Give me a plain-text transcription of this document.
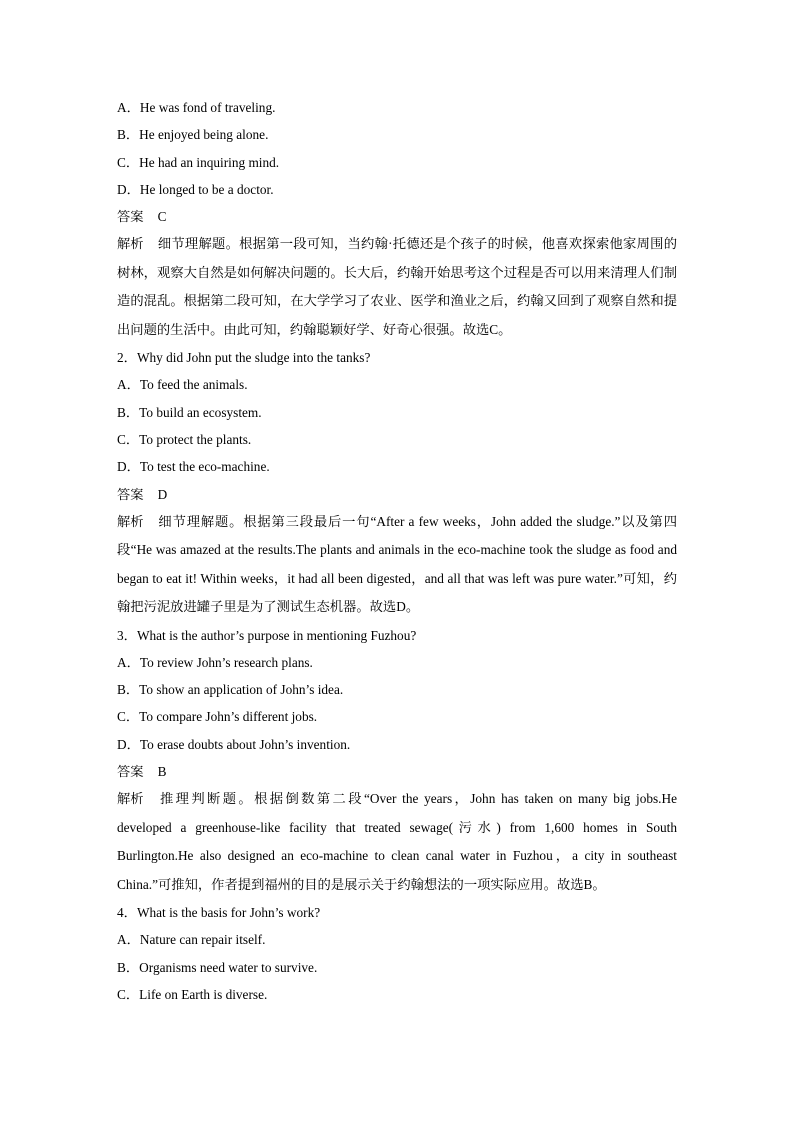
A．He was fond of traveling.
B．He enjoyed being alone.
C．He had an inquiring mind.
D．He longed to be a doctor.
答案 C
解析 细节理解题。根据第一段可知，当约翰·托德还是个孩子的时候，他喜欢探索他家周围的树林，观察大自然是如何解决问题的。长大后，约翰开始思考这个过程是否可以用来清理人们制造的混乱。根据第二段可知，在大学学习了农业、医学和渔业之后，约翰又回到了观察自然和提出问题的生活中。由此可知，约翰聪颖好学、好奇心很强。故选C。
2．Why did John put the sludge into the tanks?
A．To feed the animals.
B．To build an ecosystem.
C．To protect the plants.
D．To test the eco-machine.
答案 D
解析 细节理解题。根据第三段最后一句“After a few weeks，John added the sludge.”以及第四段“He was amazed at the results.The plants and animals in the eco-machine took the sludge as food and began to eat it! Within weeks，it had all been digested，and all that was left was pure water.”可知，约翰把污泥放进罐子里是为了测试生态机器。故选D。
3．What is the author’s purpose in mentioning Fuzhou?
A．To review John’s research plans.
B．To show an application of John’s idea.
C．To compare John’s different jobs.
D．To erase doubts about John’s invention.
答案 B
解析 推理判断题。根据倒数第二段“Over the years，John has taken on many big jobs.He developed a greenhouse-like facility that treated sewage(污水) from 1,600 homes in South Burlington.He also designed an eco-machine to clean canal water in Fuzhou，a city in southeast China.”可推知，作者提到福州的目的是展示关于约翰想法的一项实际应用。故选B。
4．What is the basis for John’s work?
A．Nature can repair itself.
B．Organisms need water to survive.
C．Life on Earth is diverse.
